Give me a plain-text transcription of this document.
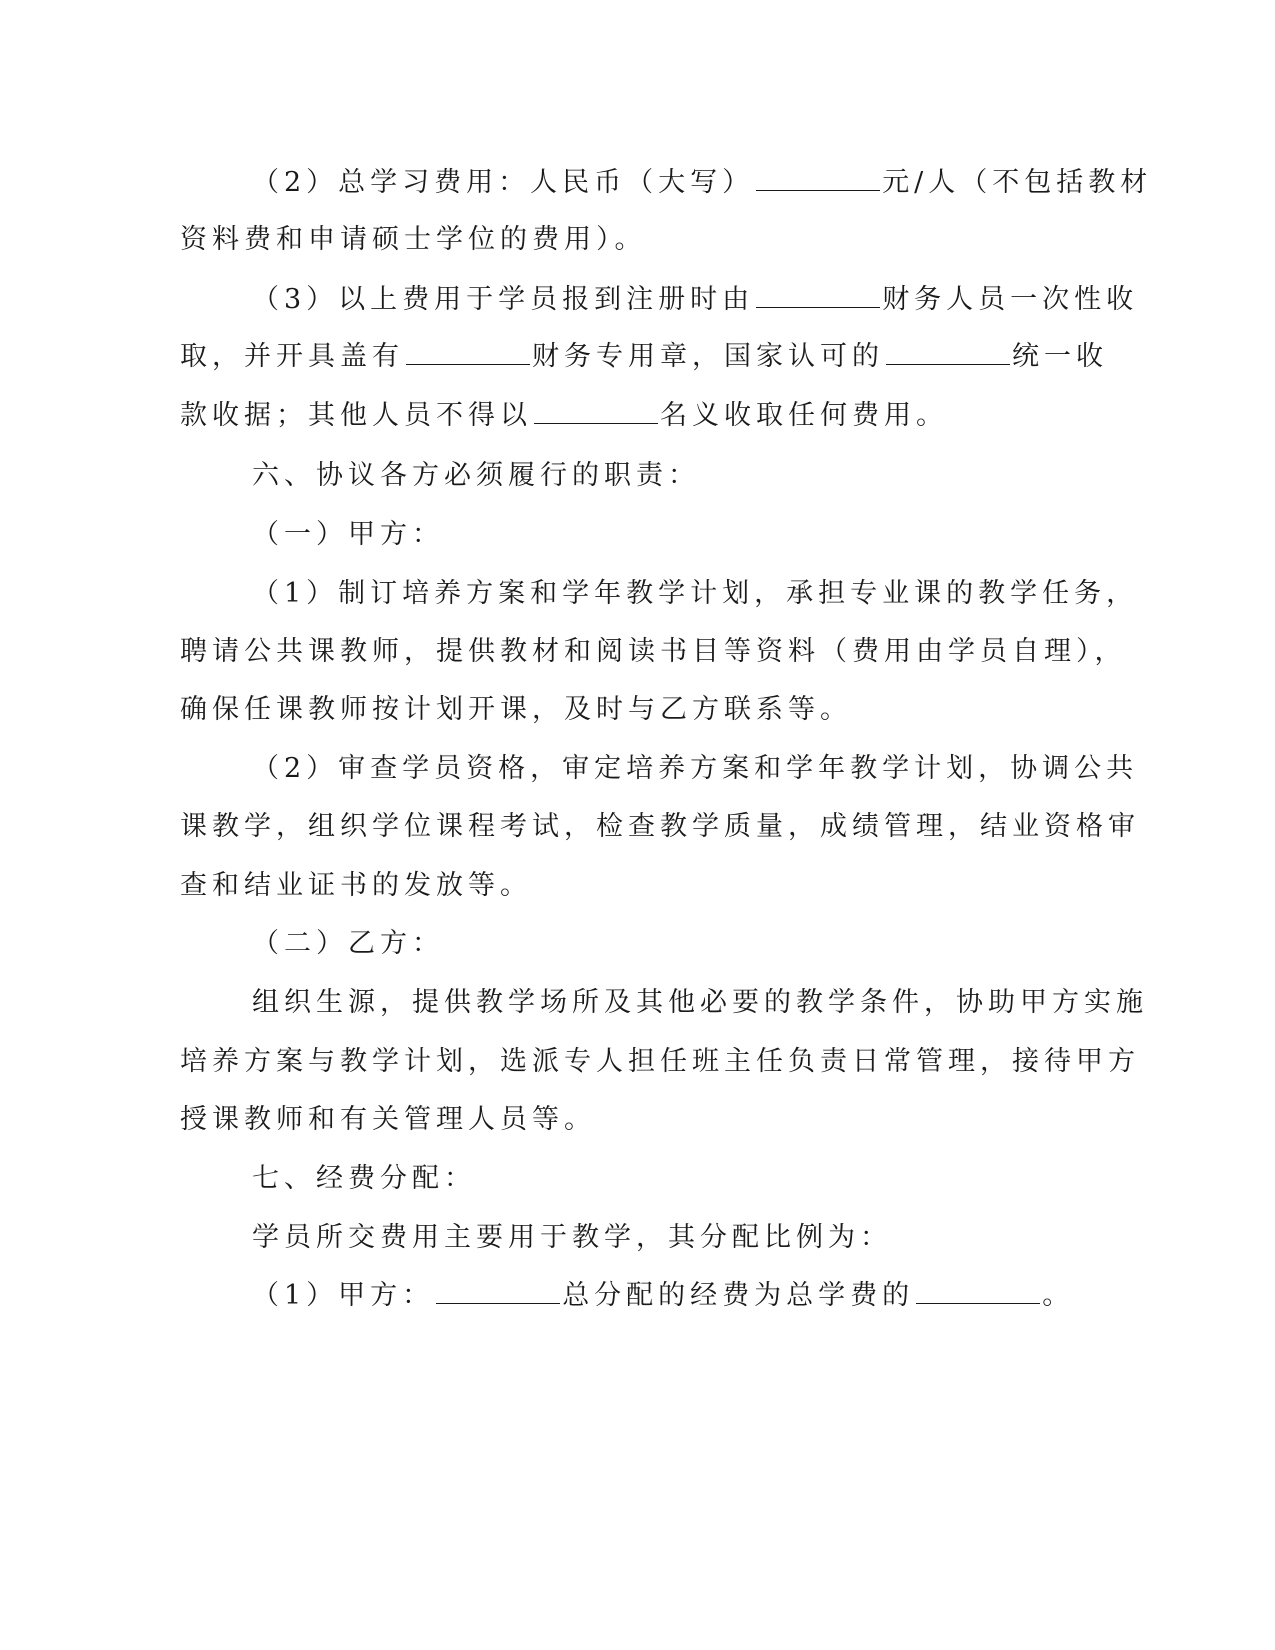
（2）总学习费用：人民币（大写）	元/人（不包括教材
资料费和申请硕士学位的费用）。
（3）以上费用于学员报到注册时由	财务人员一次性收
取，并开具盖有	财务专用章，国家认可的	统一收
款收据；其他人员不得以	名义收取任何费用。
六、协议各方必须履行的职责：
（一）甲方：
（1）制订培养方案和学年教学计划，承担专业课的教学任务，
聘请公共课教师，提供教材和阅读书目等资料（费用由学员自理），
确保任课教师按计划开课，及时与乙方联系等。
（2）审查学员资格，审定培养方案和学年教学计划，协调公共
课教学，组织学位课程考试，检查教学质量，成绩管理，结业资格审
查和结业证书的发放等。
（二）乙方：
组织生源，提供教学场所及其他必要的教学条件，协助甲方实施
培养方案与教学计划，选派专人担任班主任负责日常管理，接待甲方
授课教师和有关管理人员等。
七、经费分配：
学员所交费用主要用于教学，其分配比例为：
（1）甲方：	总分配的经费为总学费的	。
